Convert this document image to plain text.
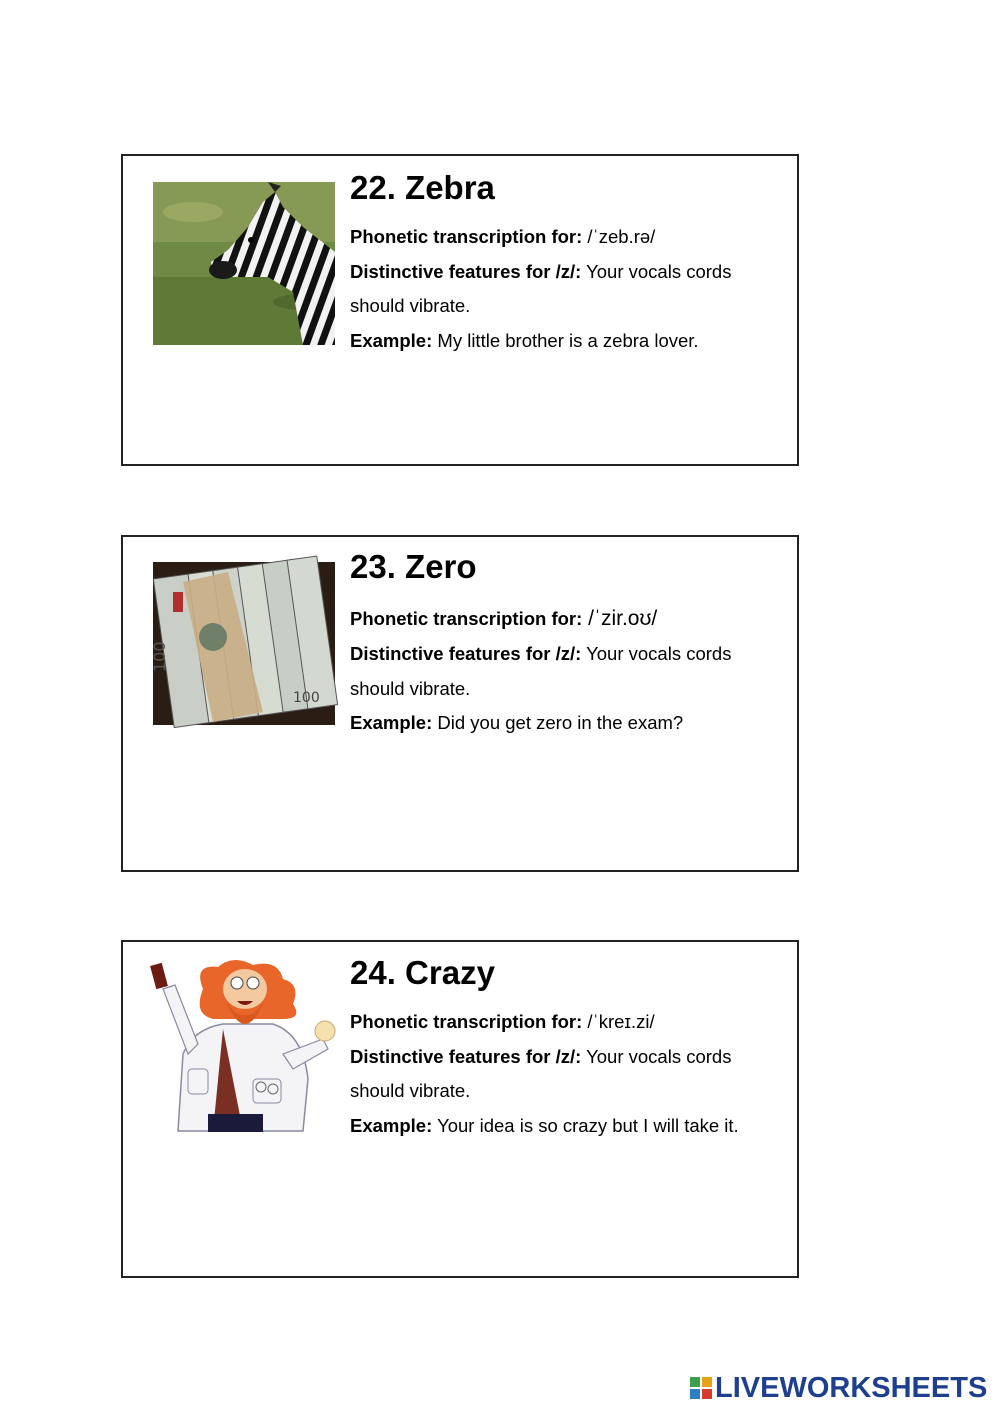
22. Zebra
Phonetic transcription for: /ˈzeb.rə/
Distinctive features for /z/: Your vocals cords
should vibrate.
Example: My little brother is a zebra lover.
100
100
23. Zero
Phonetic transcription for: /ˈzir.oʊ/
Distinctive features for /z/: Your vocals cords
should vibrate.
Example: Did you get zero in the exam?
24. Crazy
Phonetic transcription for: /ˈkreɪ.zi/
Distinctive features for /z/: Your vocals cords
should vibrate.
Example: Your idea is so crazy but I will take it.
LIVEWORKSHEETS
